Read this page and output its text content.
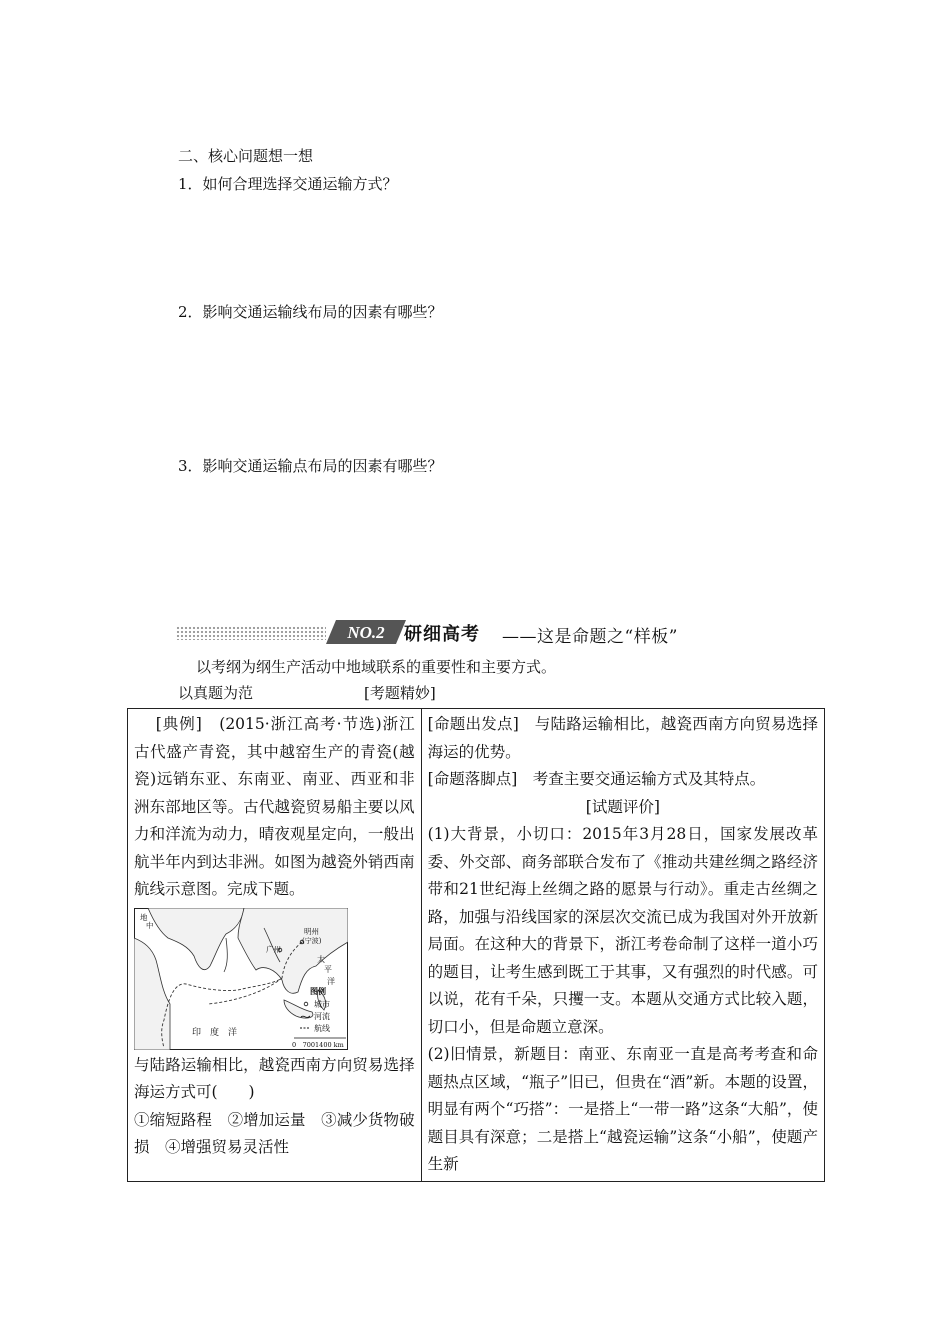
二、核心问题想一想
1．如何合理选择交通运输方式？
2．影响交通运输线布局的因素有哪些？
3．影响交通运输点布局的因素有哪些？
NO.2 研细高考 ——这是命题之“样板”
以考纲为纲生产活动中地域联系的重要性和主要方式。
以真题为范	[考题精妙]
[典例]　(2015·浙江高考·节选)浙江古代盛产青瓷，其中越窑生产的青瓷(越瓷)远销东亚、东南亚、南亚、西亚和非洲东部地区等。古代越瓷贸易船主要以风力和洋流为动力，晴夜观星定向，一般出航半年内到达非洲。如图为越瓷外销西南航线示意图。完成下题。
印　度　洋
广州
明州
(宁波)
太
平
洋
地
中
图例
城市
河流
航线
0　7001400 km
与陆路运输相比，越瓷西南方向贸易选择海运方式可(　　)
①缩短路程　②增加运量　③减少货物破损　④增强贸易灵活性

[命题出发点]　与陆路运输相比，越瓷西南方向贸易选择海运的优势。
[命题落脚点]　考查主要交通运输方式及其特点。
[试题评价]
(1)大背景，小切口：2015年3月28日，国家发展改革委、外交部、商务部联合发布了《推动共建丝绸之路经济带和21世纪海上丝绸之路的愿景与行动》。重走古丝绸之路，加强与沿线国家的深层次交流已成为我国对外开放新局面。在这种大的背景下，浙江考卷命制了这样一道小巧的题目，让考生感到既工于其事，又有强烈的时代感。可以说，花有千朵，只攫一支。本题从交通方式比较入题，切口小，但是命题立意深。
(2)旧情景，新题目：南亚、东南亚一直是高考考查和命题热点区域，“瓶子”旧已，但贵在“酒”新。本题的设置，明显有两个“巧搭”：一是搭上“一带一路”这条“大船”，使题目具有深意；二是搭上“越瓷运输”这条“小船”，使题产生新
